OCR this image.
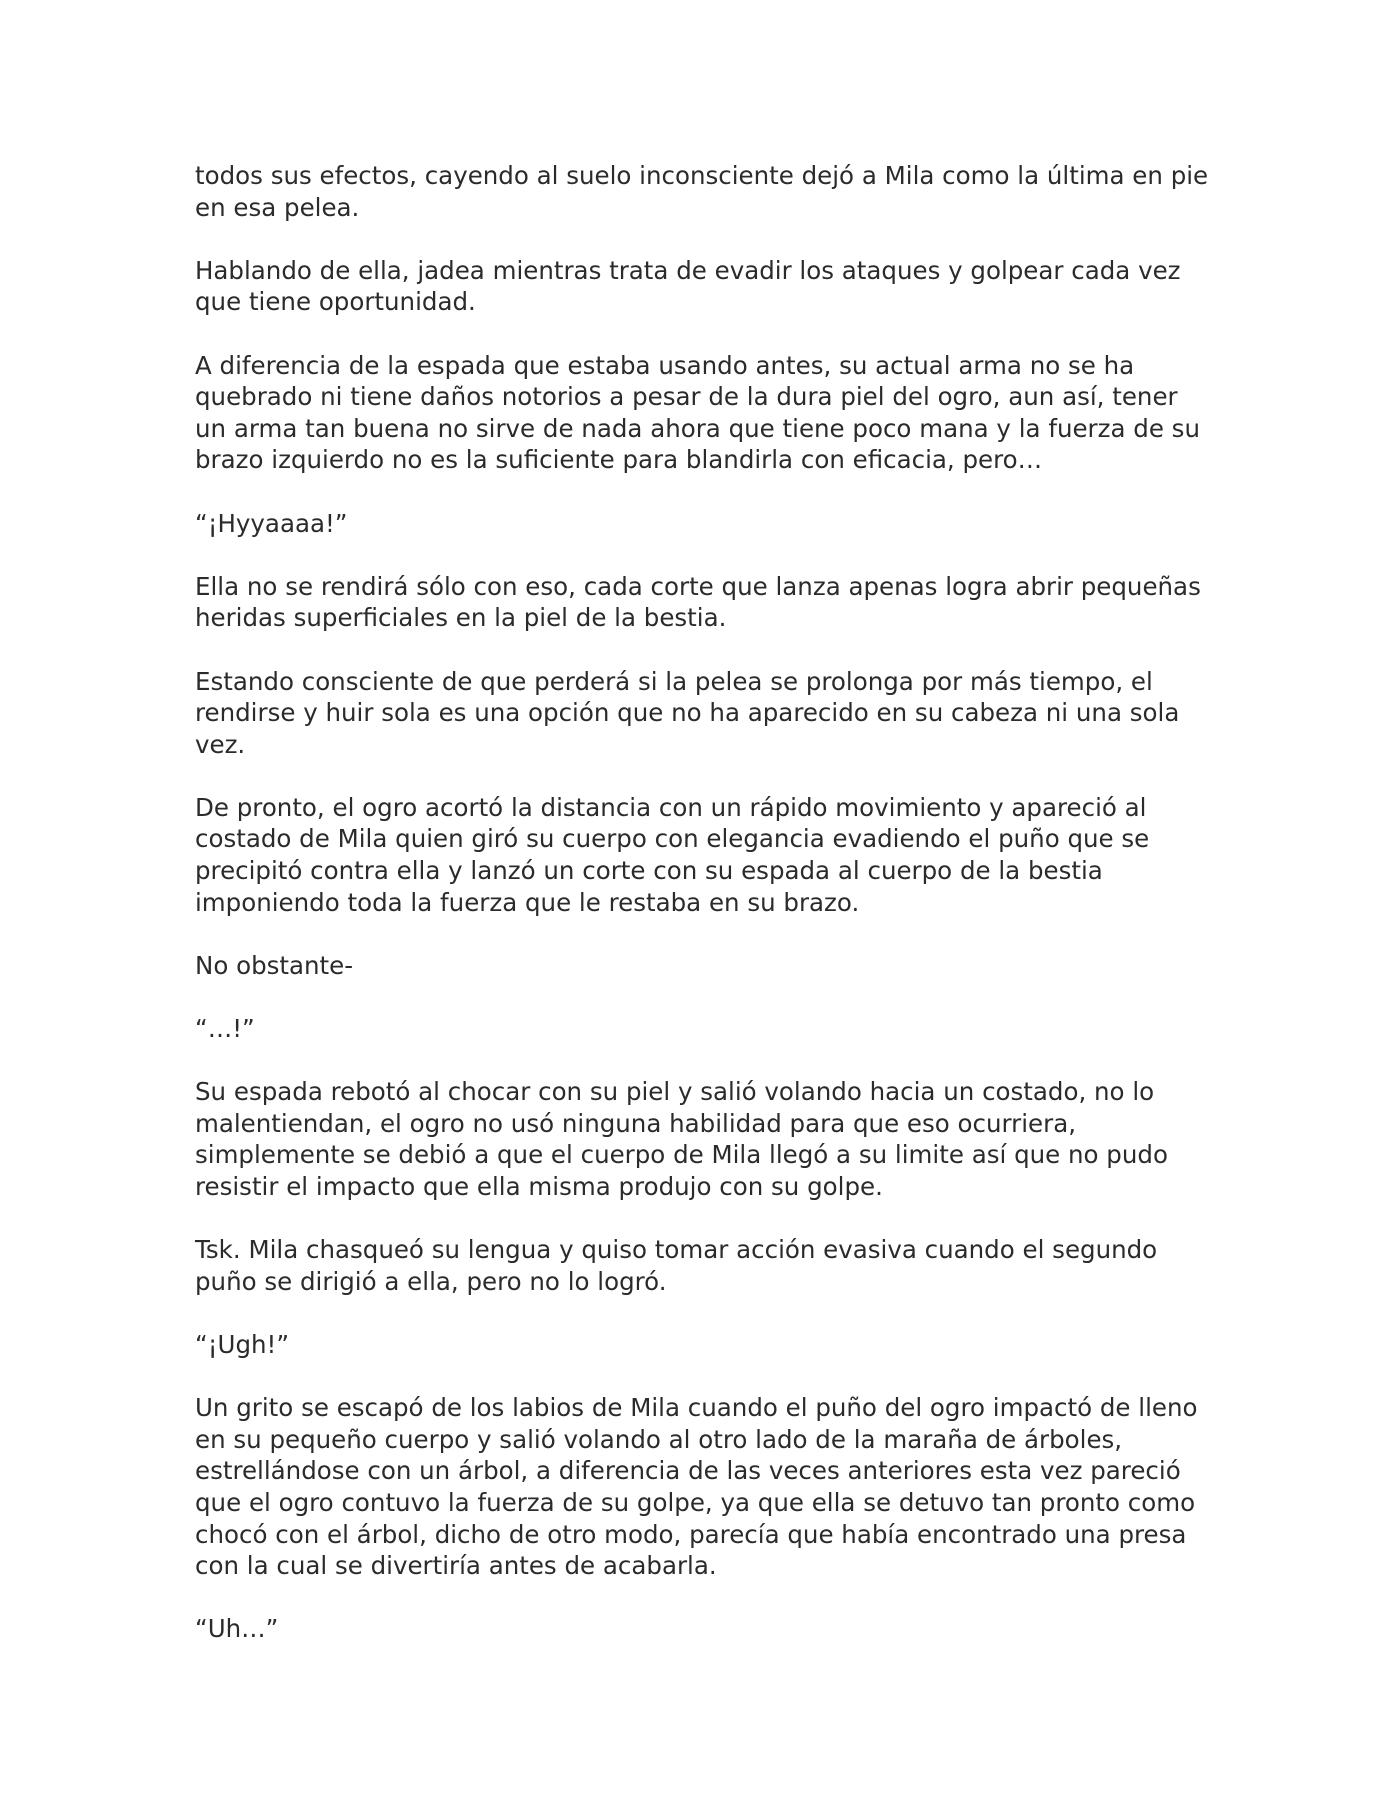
todos sus efectos, cayendo al suelo inconsciente dejó a Mila como la última en pie en esa pelea.

Hablando de ella, jadea mientras trata de evadir los ataques y golpear cada vez que tiene oportunidad.

A diferencia de la espada que estaba usando antes, su actual arma no se ha quebrado ni tiene daños notorios a pesar de la dura piel del ogro, aun así, tener un arma tan buena no sirve de nada ahora que tiene poco mana y la fuerza de su brazo izquierdo no es la suficiente para blandirla con eficacia, pero…

“¡Hyyaaaa!”

Ella no se rendirá sólo con eso, cada corte que lanza apenas logra abrir pequeñas heridas superficiales en la piel de la bestia.

Estando consciente de que perderá si la pelea se prolonga por más tiempo, el rendirse y huir sola es una opción que no ha aparecido en su cabeza ni una sola vez.

De pronto, el ogro acortó la distancia con un rápido movimiento y apareció al costado de Mila quien giró su cuerpo con elegancia evadiendo el puño que se precipitó contra ella y lanzó un corte con su espada al cuerpo de la bestia imponiendo toda la fuerza que le restaba en su brazo.

No obstante-

“…!”

Su espada rebotó al chocar con su piel y salió volando hacia un costado, no lo malentiendan, el ogro no usó ninguna habilidad para que eso ocurriera, simplemente se debió a que el cuerpo de Mila llegó a su limite así que no pudo resistir el impacto que ella misma produjo con su golpe.

Tsk. Mila chasqueó su lengua y quiso tomar acción evasiva cuando el segundo puño se dirigió a ella, pero no lo logró.

“¡Ugh!”

Un grito se escapó de los labios de Mila cuando el puño del ogro impactó de lleno en su pequeño cuerpo y salió volando al otro lado de la maraña de árboles, estrellándose con un árbol, a diferencia de las veces anteriores esta vez pareció que el ogro contuvo la fuerza de su golpe, ya que ella se detuvo tan pronto como chocó con el árbol, dicho de otro modo, parecía que había encontrado una presa con la cual se divertiría antes de acabarla.

“Uh…”
